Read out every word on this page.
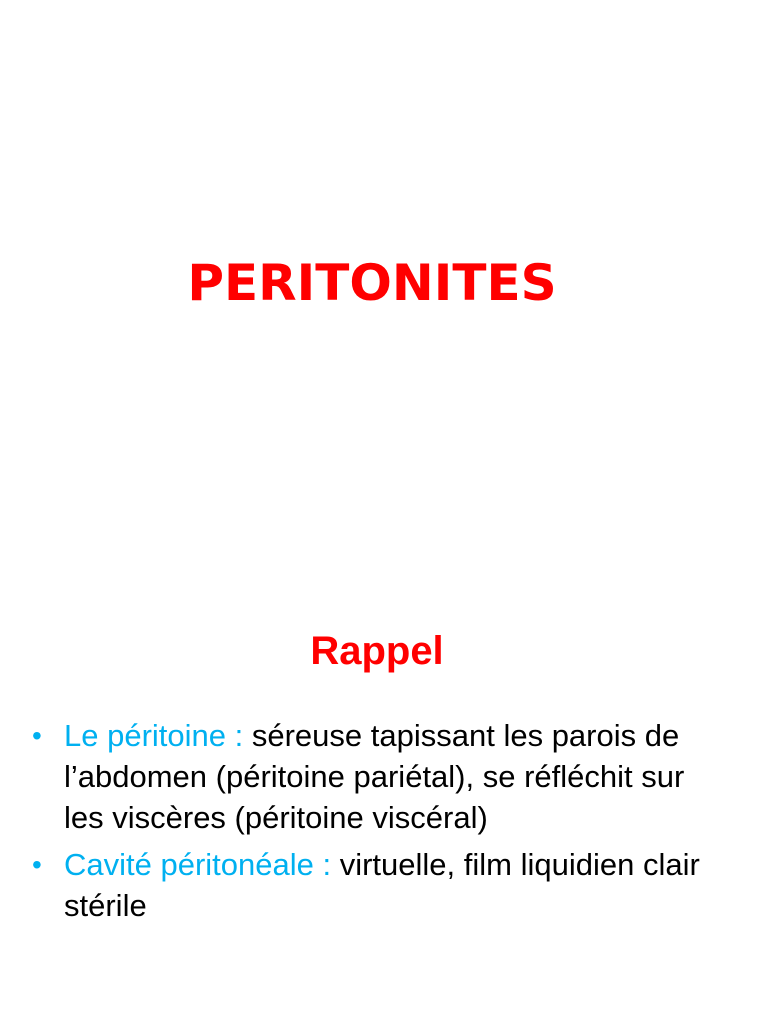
PERITONITES
Rappel
• Le péritoine : séreuse tapissant les parois de l’abdomen (péritoine pariétal), se réfléchit sur les viscères (péritoine viscéral)
• Cavité péritonéale : virtuelle, film liquidien clair stérile
